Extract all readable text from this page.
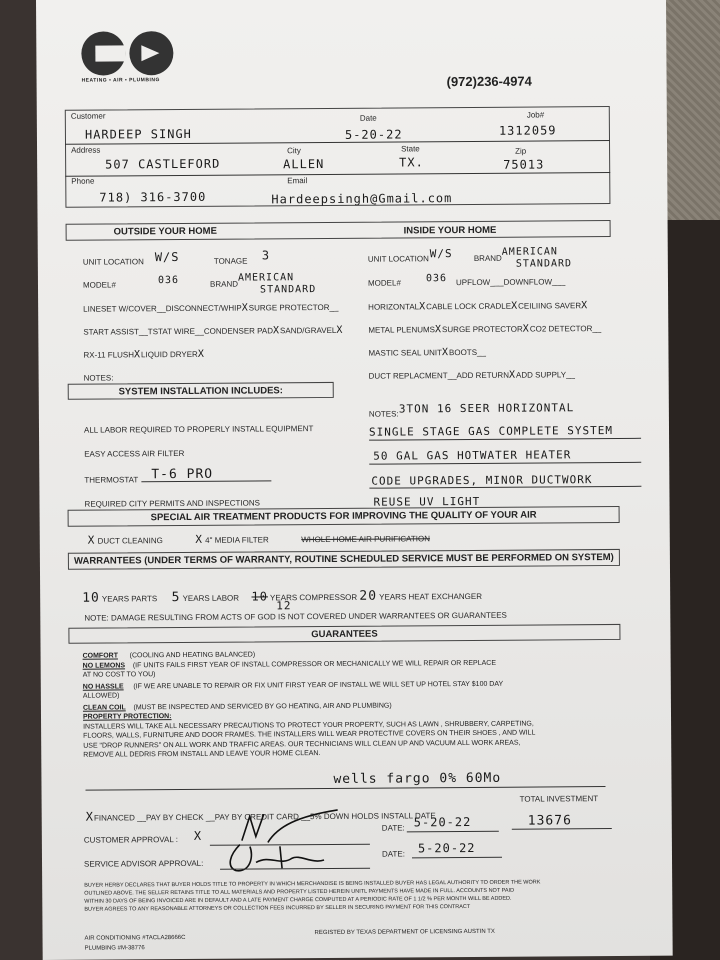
HEATING • AIR • PLUMBING	(972)236-4974
Customer	Date	Job#
HARDEEP SINGH	5-20-22	1312059
Address	City	State	Zip
507 CASTLEFORD	ALLEN	TX.	75013
Phone	Email
718) 316-3700	Hardeepsingh@Gmail.com
OUTSIDE YOUR HOME	INSIDE YOUR HOME
UNIT LOCATION W/S	TONAGE 3
MODEL#	036	BRAND
AMERICAN
STANDARD
LINESET W/COVER__DISCONNECT/WHIPXSURGE PROTECTOR__
START ASSIST__TSTAT WIRE__CONDENSER PADXSAND/GRAVELX
RX-11 FLUSHXLIQUID DRYERX
NOTES:
UNIT LOCATION W/S	BRAND
AMERICAN
STANDARD
MODEL# 036 UPFLOW___DOWNFLOW___
HORIZONTALXCABLE LOCK CRADLEXCEILIING SAVERX
METAL PLENUMSXSURGE PROTECTORXCO2 DETECTOR__
MASTIC SEAL UNITXBOOTS__
DUCT REPLACMENT__ADD RETURNXADD SUPPLY__
SYSTEM INSTALLATION INCLUDES:
ALL LABOR REQUIRED TO PROPERLY INSTALL EQUIPMENT
EASY ACCESS AIR FILTER
THERMOSTAT T-6 PRO
REQUIRED CITY PERMITS AND INSPECTIONS
NOTES: 3TON 16 SEER HORIZONTAL
SINGLE STAGE GAS COMPLETE SYSTEM
50 GAL GAS HOTWATER HEATER
CODE UPGRADES, MINOR DUCTWORK
REUSE UV LIGHT
SPECIAL AIR TREATMENT PRODUCTS FOR IMPROVING THE QUALITY OF YOUR AIR
X DUCT CLEANING	X 4" MEDIA FILTER	WHOLE HOME AIR PURIFICATION
WARRANTEES (UNDER TERMS OF WARRANTY, ROUTINE SCHEDULED SERVICE MUST BE PERFORMED ON SYSTEM)
10 YEARS PARTS 5 YEARS LABOR 10 YEARS COMPRESSOR 20 YEARS HEAT EXCHANGER
12
NOTE: DAMAGE RESULTING FROM ACTS OF GOD IS NOT COVERED UNDER WARRANTEES OR GUARANTEES
GUARANTEES
COMFORT (COOLING AND HEATING BALANCED)
NO LEMONS (IF UNITS FAILS FIRST YEAR OF INSTALL COMPRESSOR OR MECHANICALLY WE WILL REPAIR OR REPLACE
AT NO COST TO YOU)
NO HASSLE (IF WE ARE UNABLE TO REPAIR OR FIX UNIT FIRST YEAR OF INSTALL WE WILL SET UP HOTEL STAY $100 DAY
ALLOWED)
CLEAN COIL (MUST BE INSPECTED AND SERVICED BY GO HEATING, AIR AND PLUMBING)
PROPERTY PROTECTION:
INSTALLERS WILL TAKE ALL NECESSARY PRECAUTIONS TO PROTECT YOUR PROPERTY, SUCH AS LAWN , SHRUBBERY, CARPETING,
FLOORS, WALLS, FURNITURE AND DOOR FRAMES. THE INSTALLERS WILL WEAR PROTECTIVE COVERS ON THEIR SHOES , AND WILL
USE "DROP RUNNERS" ON ALL WORK AND TRAFFIC AREAS. OUR TECHNICIANS WILL CLEAN UP AND VACUUM ALL WORK AREAS,
REMOVE ALL DEDRIS FROM INSTALL AND LEAVE YOUR HOME CLEAN.
wells fargo 0% 60Mo
TOTAL INVESTMENT
XFINANCED __PAY BY CHECK __PAY BY CREDIT CARD __5% DOWN HOLDS INSTALL DATE	13676
CUSTOMER APPROVAL : X
DATE: 5-20-22
SERVICE ADVISOR APPROVAL:
DATE: 5-20-22
BUYER HERBY DECLARES THAT BUYER HOLDS TITLE TO PROPERTY IN WHICH MERCHANDISE IS BEING INSTALLED BUYER HAS LEGAL AUTHORITY TO ORDER THE WORK
OUTLINED ABOVE. THE SELLER RETAINS TITLE TO ALL MATERIALS AND PROPERTY LISTED HEREIN UNITL PAYMENTS HAVE MADE IN FULL. ACCOUNTS NOT PAID
WITHIN 30 DAYS OF BEING INVOICED ARE IN DEFAULT AND A LATE PAYMENT CHARGE COMPUTED AT A PERIODIC RATE OF 1 1/2 % PER MONTH WILL BE ADDED.
BUYER AGREES TO ANY REASONABLE ATTORNEYS OR COLLECTION FEES INCURRED BY SELLER IN SECURING PAYMENT FOR THIS CONTRACT
AIR CONDITIONING #TACLA28666C
PLUMBING #M-38776
REGISTED BY TEXAS DEPARTMENT OF LICENSING AUSTIN TX
